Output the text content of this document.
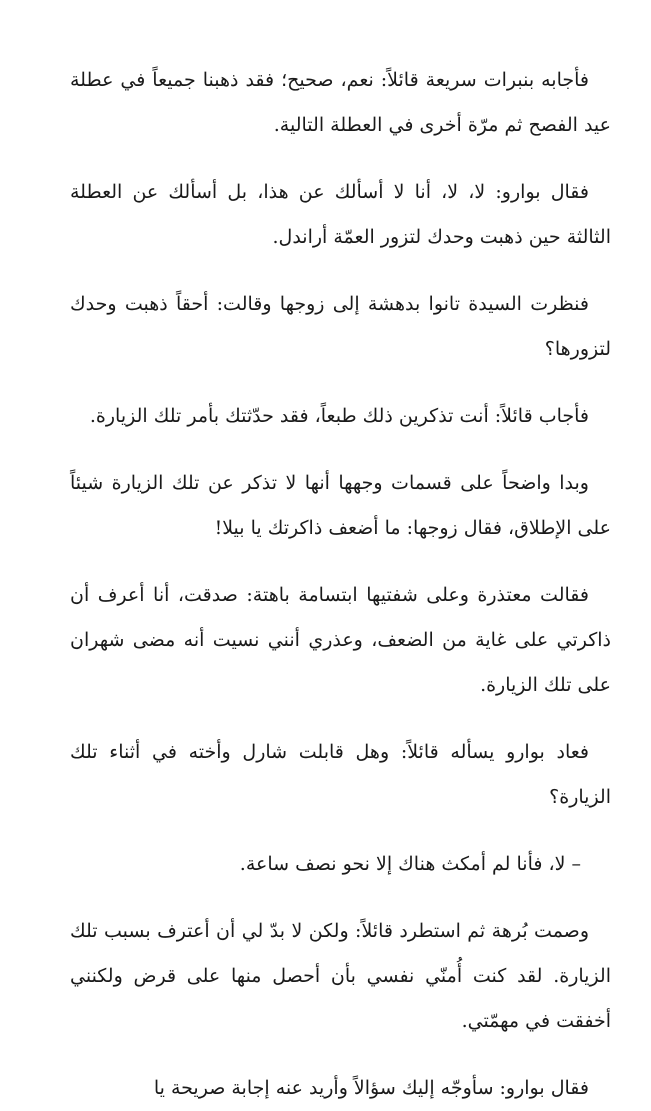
فأجابه بنبرات سريعة قائلاً: نعم، صحيح؛ فقد ذهبنا جميعاً في عطلة عيد الفصح ثم مرّة أخرى في العطلة التالية.

فقال بوارو: لا، لا، أنا لا أسألك عن هذا، بل أسألك عن العطلة الثالثة حين ذهبت وحدك لتزور العمّة أراندل.

فنظرت السيدة تانوا بدهشة إلى زوجها وقالت: أحقاً ذهبت وحدك لتزورها؟

فأجاب قائلاً: أنت تذكرين ذلك طبعاً، فقد حدّثتك بأمر تلك الزيارة.

وبدا واضحاً على قسمات وجهها أنها لا تذكر عن تلك الزيارة شيئاً على الإطلاق، فقال زوجها: ما أضعف ذاكرتك يا بيلا!

فقالت معتذرة وعلى شفتيها ابتسامة باهتة: صدقت، أنا أعرف أن ذاكرتي على غاية من الضعف، وعذري أنني نسيت أنه مضى شهران على تلك الزيارة.

فعاد بوارو يسأله قائلاً: وهل قابلت شارل وأخته في أثناء تلك الزيارة؟

– لا، فأنا لم أمكث هناك إلا نحو نصف ساعة.

وصمت بُرهة ثم استطرد قائلاً: ولكن لا بدّ لي أن أعترف بسبب تلك الزيارة. لقد كنت أُمنّي نفسي بأن أحصل منها على قرض ولكنني أخفقت في مهمّتي.

فقال بوارو: سأوجّه إليك سؤالاً وأريد عنه إجابة صريحة يا
